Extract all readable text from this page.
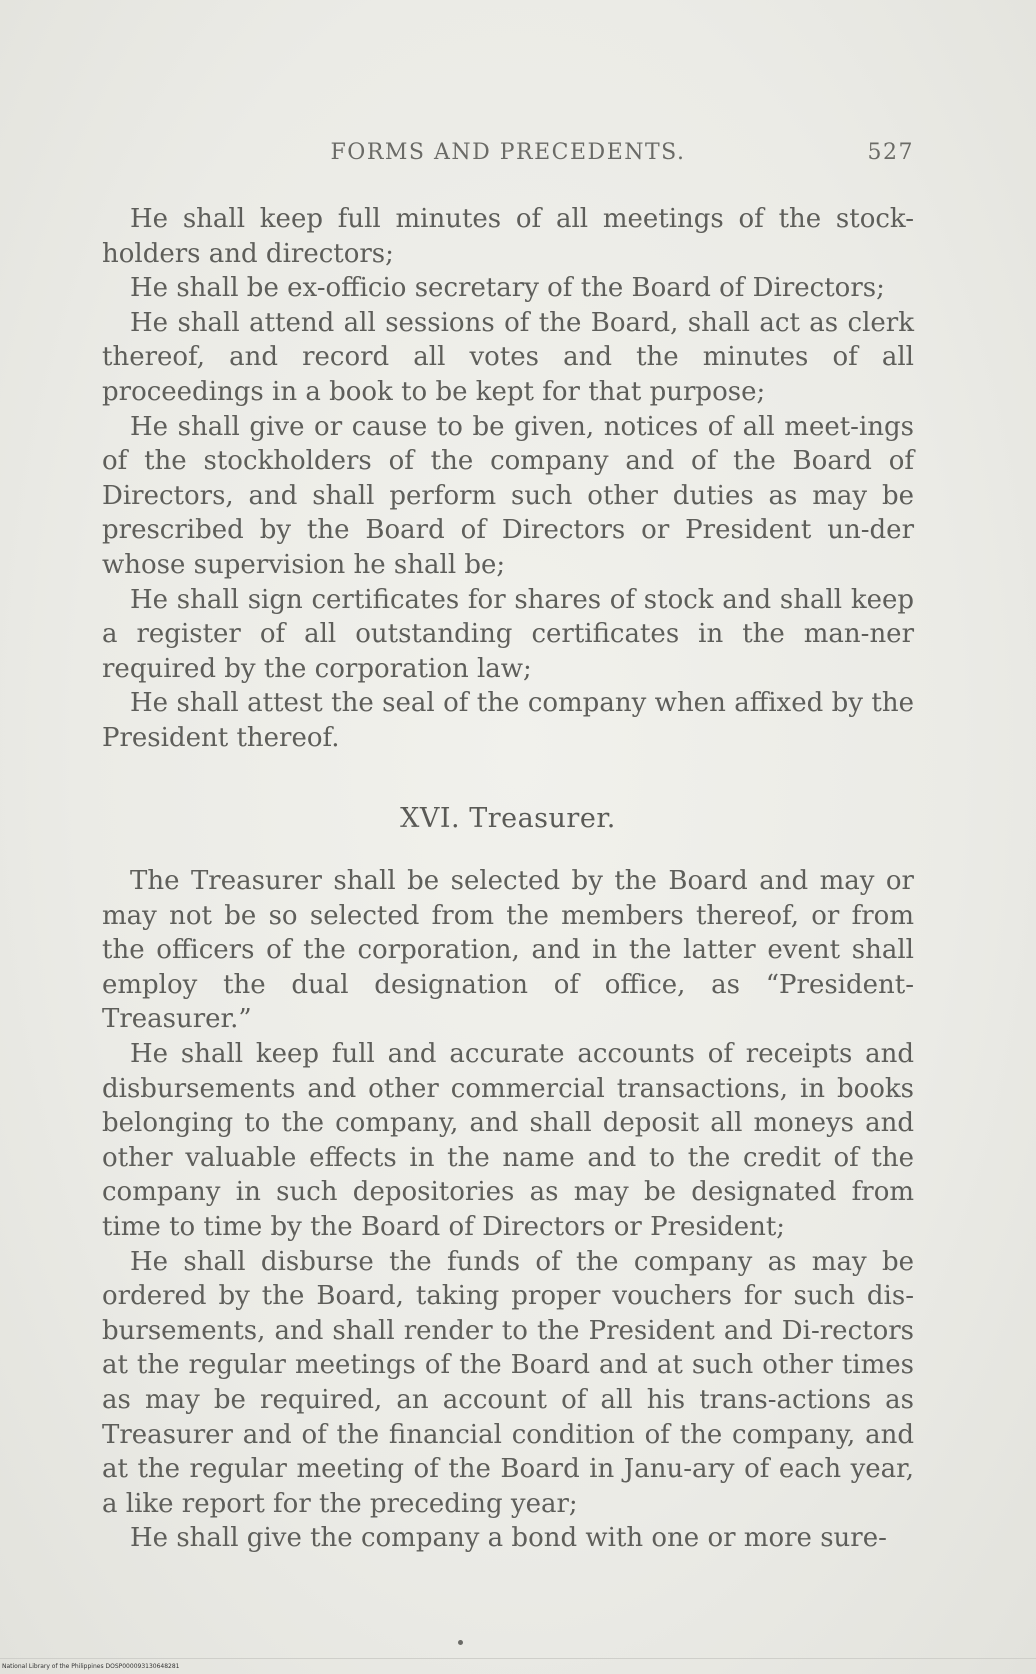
FORMS AND PRECEDENTS.	527

He shall keep full minutes of all meetings of the stock-holders and directors;

He shall be ex-officio secretary of the Board of Directors;

He shall attend all sessions of the Board, shall act as clerk thereof, and record all votes and the minutes of all proceedings in a book to be kept for that purpose;

He shall give or cause to be given, notices of all meet-ings of the stockholders of the company and of the Board of Directors, and shall perform such other duties as may be prescribed by the Board of Directors or President un-der whose supervision he shall be;

He shall sign certificates for shares of stock and shall keep a register of all outstanding certificates in the man-ner required by the corporation law;

He shall attest the seal of the company when affixed by the President thereof.

XVI. Treasurer.

The Treasurer shall be selected by the Board and may or may not be so selected from the members thereof, or from the officers of the corporation, and in the latter event shall employ the dual designation of office, as “President-Treasurer.”

He shall keep full and accurate accounts of receipts and disbursements and other commercial transactions, in books belonging to the company, and shall deposit all moneys and other valuable effects in the name and to the credit of the company in such depositories as may be designated from time to time by the Board of Directors or President;

He shall disburse the funds of the company as may be ordered by the Board, taking proper vouchers for such dis-bursements, and shall render to the President and Di-rectors at the regular meetings of the Board and at such other times as may be required, an account of all his trans-actions as Treasurer and of the financial condition of the company, and at the regular meeting of the Board in Janu-ary of each year, a like report for the preceding year;

He shall give the company a bond with one or more sure-

National Library of the Philippines DOSP000093130648281
